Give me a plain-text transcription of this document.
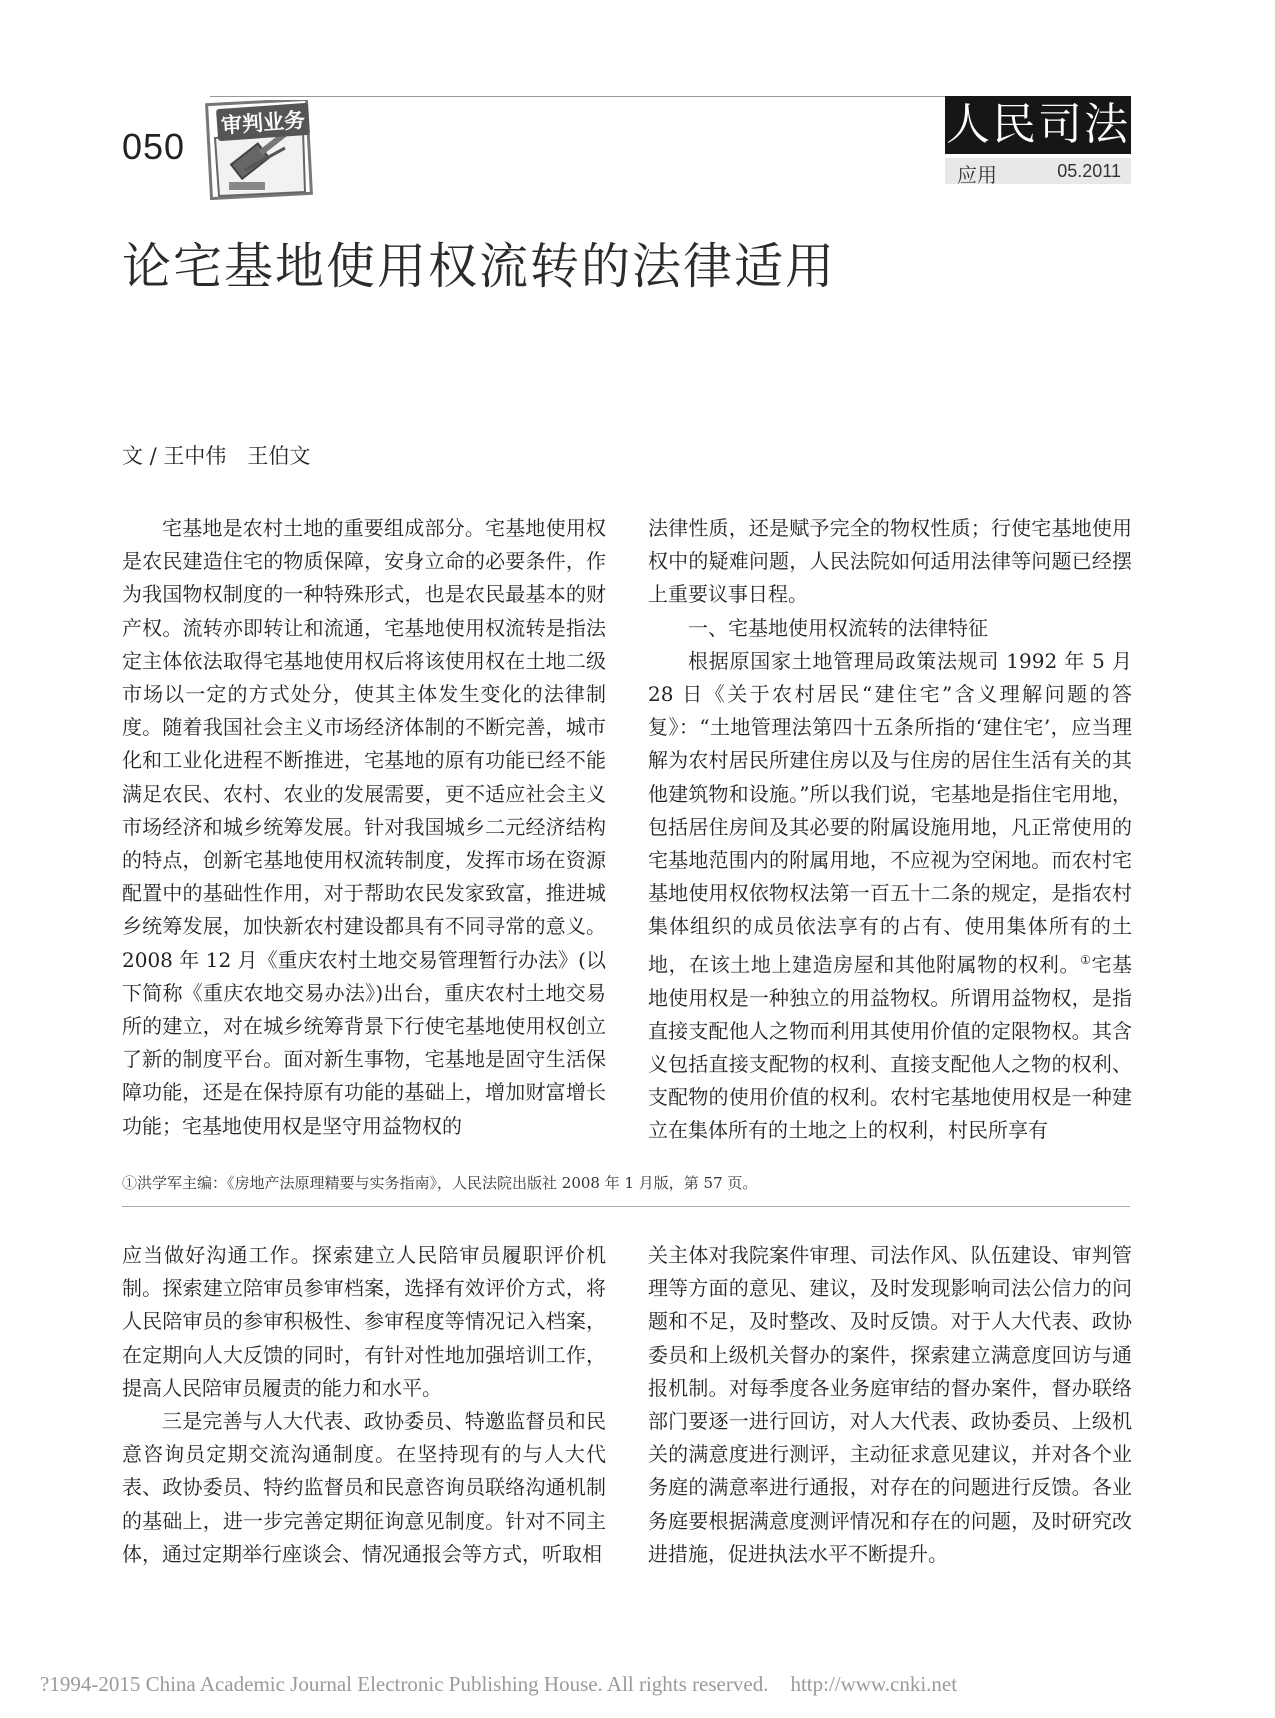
050
审判业务	人民司法
应用	05.2011
论宅基地使用权流转的法律适用
文 / 王中伟　王伯文

宅基地是农村土地的重要组成部分。宅基地使用权是农民建造住宅的物质保障，安身立命的必要条件，作为我国物权制度的一种特殊形式，也是农民最基本的财产权。流转亦即转让和流通，宅基地使用权流转是指法定主体依法取得宅基地使用权后将该使用权在土地二级市场以一定的方式处分，使其主体发生变化的法律制度。随着我国社会主义市场经济体制的不断完善，城市化和工业化进程不断推进，宅基地的原有功能已经不能满足农民、农村、农业的发展需要，更不适应社会主义市场经济和城乡统筹发展。针对我国城乡二元经济结构的特点，创新宅基地使用权流转制度，发挥市场在资源配置中的基础性作用，对于帮助农民发家致富，推进城乡统筹发展，加快新农村建设都具有不同寻常的意义。2008 年 12 月《重庆农村土地交易管理暂行办法》(以下简称《重庆农地交易办法》)出台，重庆农村土地交易所的建立，对在城乡统筹背景下行使宅基地使用权创立了新的制度平台。面对新生事物，宅基地是固守生活保障功能，还是在保持原有功能的基础上，增加财富增长功能；宅基地使用权是坚守用益物权的

法律性质，还是赋予完全的物权性质；行使宅基地使用权中的疑难问题，人民法院如何适用法律等问题已经摆上重要议事日程。

一、宅基地使用权流转的法律特征

根据原国家土地管理局政策法规司 1992 年 5 月 28 日《关于农村居民“建住宅”含义理解问题的答复》：“土地管理法第四十五条所指的‘建住宅’，应当理解为农村居民所建住房以及与住房的居住生活有关的其他建筑物和设施。”所以我们说，宅基地是指住宅用地，包括居住房间及其必要的附属设施用地，凡正常使用的宅基地范围内的附属用地，不应视为空闲地。而农村宅基地使用权依物权法第一百五十二条的规定，是指农村集体组织的成员依法享有的占有、使用集体所有的土地，在该土地上建造房屋和其他附属物的权利。①宅基地使用权是一种独立的用益物权。所谓用益物权，是指直接支配他人之物而利用其使用价值的定限物权。其含义包括直接支配物的权利、直接支配他人之物的权利、支配物的使用价值的权利。农村宅基地使用权是一种建立在集体所有的土地之上的权利，村民所享有

①洪学军主编：《房地产法原理精要与实务指南》，人民法院出版社 2008 年 1 月版，第 57 页。

应当做好沟通工作。探索建立人民陪审员履职评价机制。探索建立陪审员参审档案，选择有效评价方式，将人民陪审员的参审积极性、参审程度等情况记入档案，在定期向人大反馈的同时，有针对性地加强培训工作，提高人民陪审员履责的能力和水平。

三是完善与人大代表、政协委员、特邀监督员和民意咨询员定期交流沟通制度。在坚持现有的与人大代表、政协委员、特约监督员和民意咨询员联络沟通机制的基础上，进一步完善定期征询意见制度。针对不同主体，通过定期举行座谈会、情况通报会等方式，听取相

关主体对我院案件审理、司法作风、队伍建设、审判管理等方面的意见、建议，及时发现影响司法公信力的问题和不足，及时整改、及时反馈。对于人大代表、政协委员和上级机关督办的案件，探索建立满意度回访与通报机制。对每季度各业务庭审结的督办案件，督办联络部门要逐一进行回访，对人大代表、政协委员、上级机关的满意度进行测评，主动征求意见建议，并对各个业务庭的满意率进行通报，对存在的问题进行反馈。各业务庭要根据满意度测评情况和存在的问题，及时研究改进措施，促进执法水平不断提升。

?1994-2015 China Academic Journal Electronic Publishing House. All rights reserved. http://www.cnki.net
